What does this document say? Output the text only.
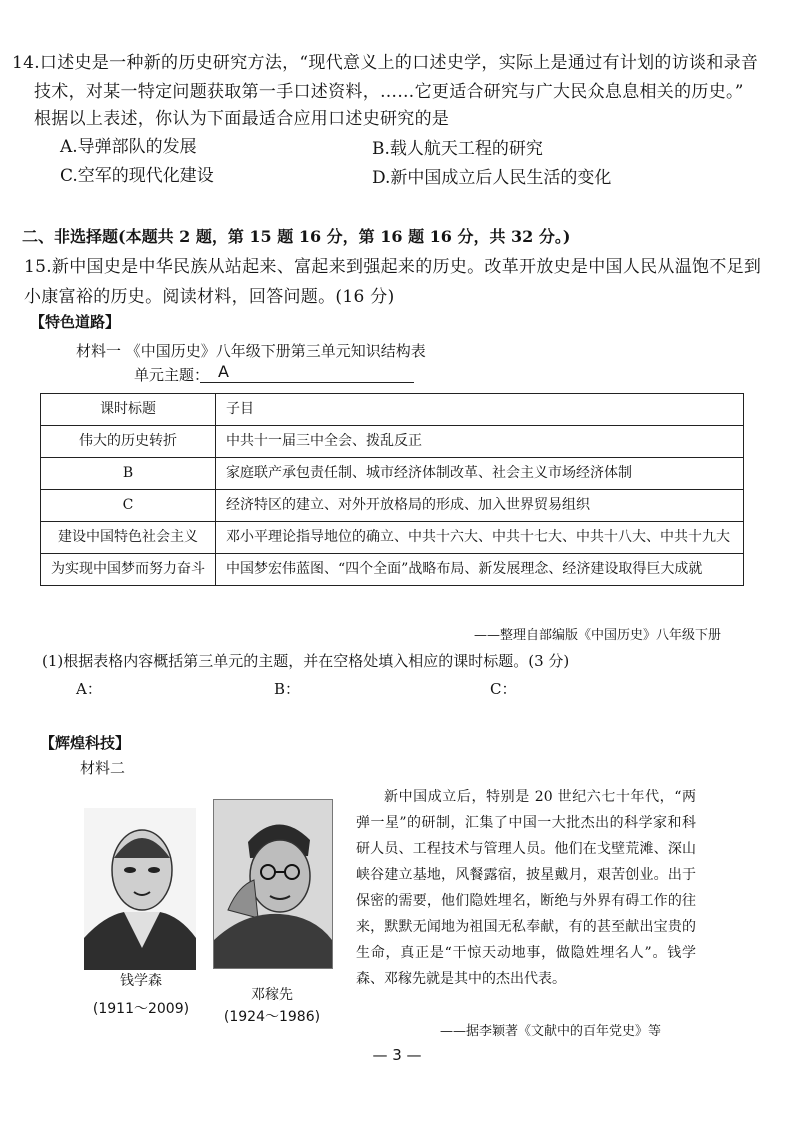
14.口述史是一种新的历史研究方法，“现代意义上的口述史学，实际上是通过有计划的访谈和录音
技术，对某一特定问题获取第一手口述资料，……它更适合研究与广大民众息息相关的历史。”
根据以上表述，你认为下面最适合应用口述史研究的是
A.导弹部队的发展	B.载人航天工程的研究
C.空军的现代化建设	D.新中国成立后人民生活的变化
二、非选择题(本题共 2 题，第 15 题 16 分，第 16 题 16 分，共 32 分。)
15.新中国史是中华民族从站起来、富起来到强起来的历史。改革开放史是中国人民从温饱不足到
小康富裕的历史。阅读材料，回答问题。(16 分)
【特色道路】
材料一 《中国历史》八年级下册第三单元知识结构表
单元主题： A
课时标题	子目
伟大的历史转折	中共十一届三中全会、拨乱反正
B	家庭联产承包责任制、城市经济体制改革、社会主义市场经济体制
C	经济特区的建立、对外开放格局的形成、加入世界贸易组织
建设中国特色社会主义	邓小平理论指导地位的确立、中共十六大、中共十七大、中共十八大、中共十九大
为实现中国梦而努力奋斗	中国梦宏伟蓝图、“四个全面”战略布局、新发展理念、经济建设取得巨大成就
——整理自部编版《中国历史》八年级下册
(1)根据表格内容概括第三单元的主题，并在空格处填入相应的课时标题。(3 分)
A：	B：	C：
【辉煌科技】
材料二
钱学森
(1911～2009)
邓稼先
(1924～1986)

新中国成立后，特别是 20 世纪六七十年代，“两弹一星”的研制，汇集了中国一大批杰出的科学家和科研人员、工程技术与管理人员。他们在戈壁荒滩、深山峡谷建立基地，风餐露宿，披星戴月，艰苦创业。出于保密的需要，他们隐姓埋名，断绝与外界有碍工作的往来，默默无闻地为祖国无私奉献，有的甚至献出宝贵的生命，真正是“干惊天动地事，做隐姓埋名人”。钱学森、邓稼先就是其中的杰出代表。

——据李颖著《文献中的百年党史》等
— 3 —
